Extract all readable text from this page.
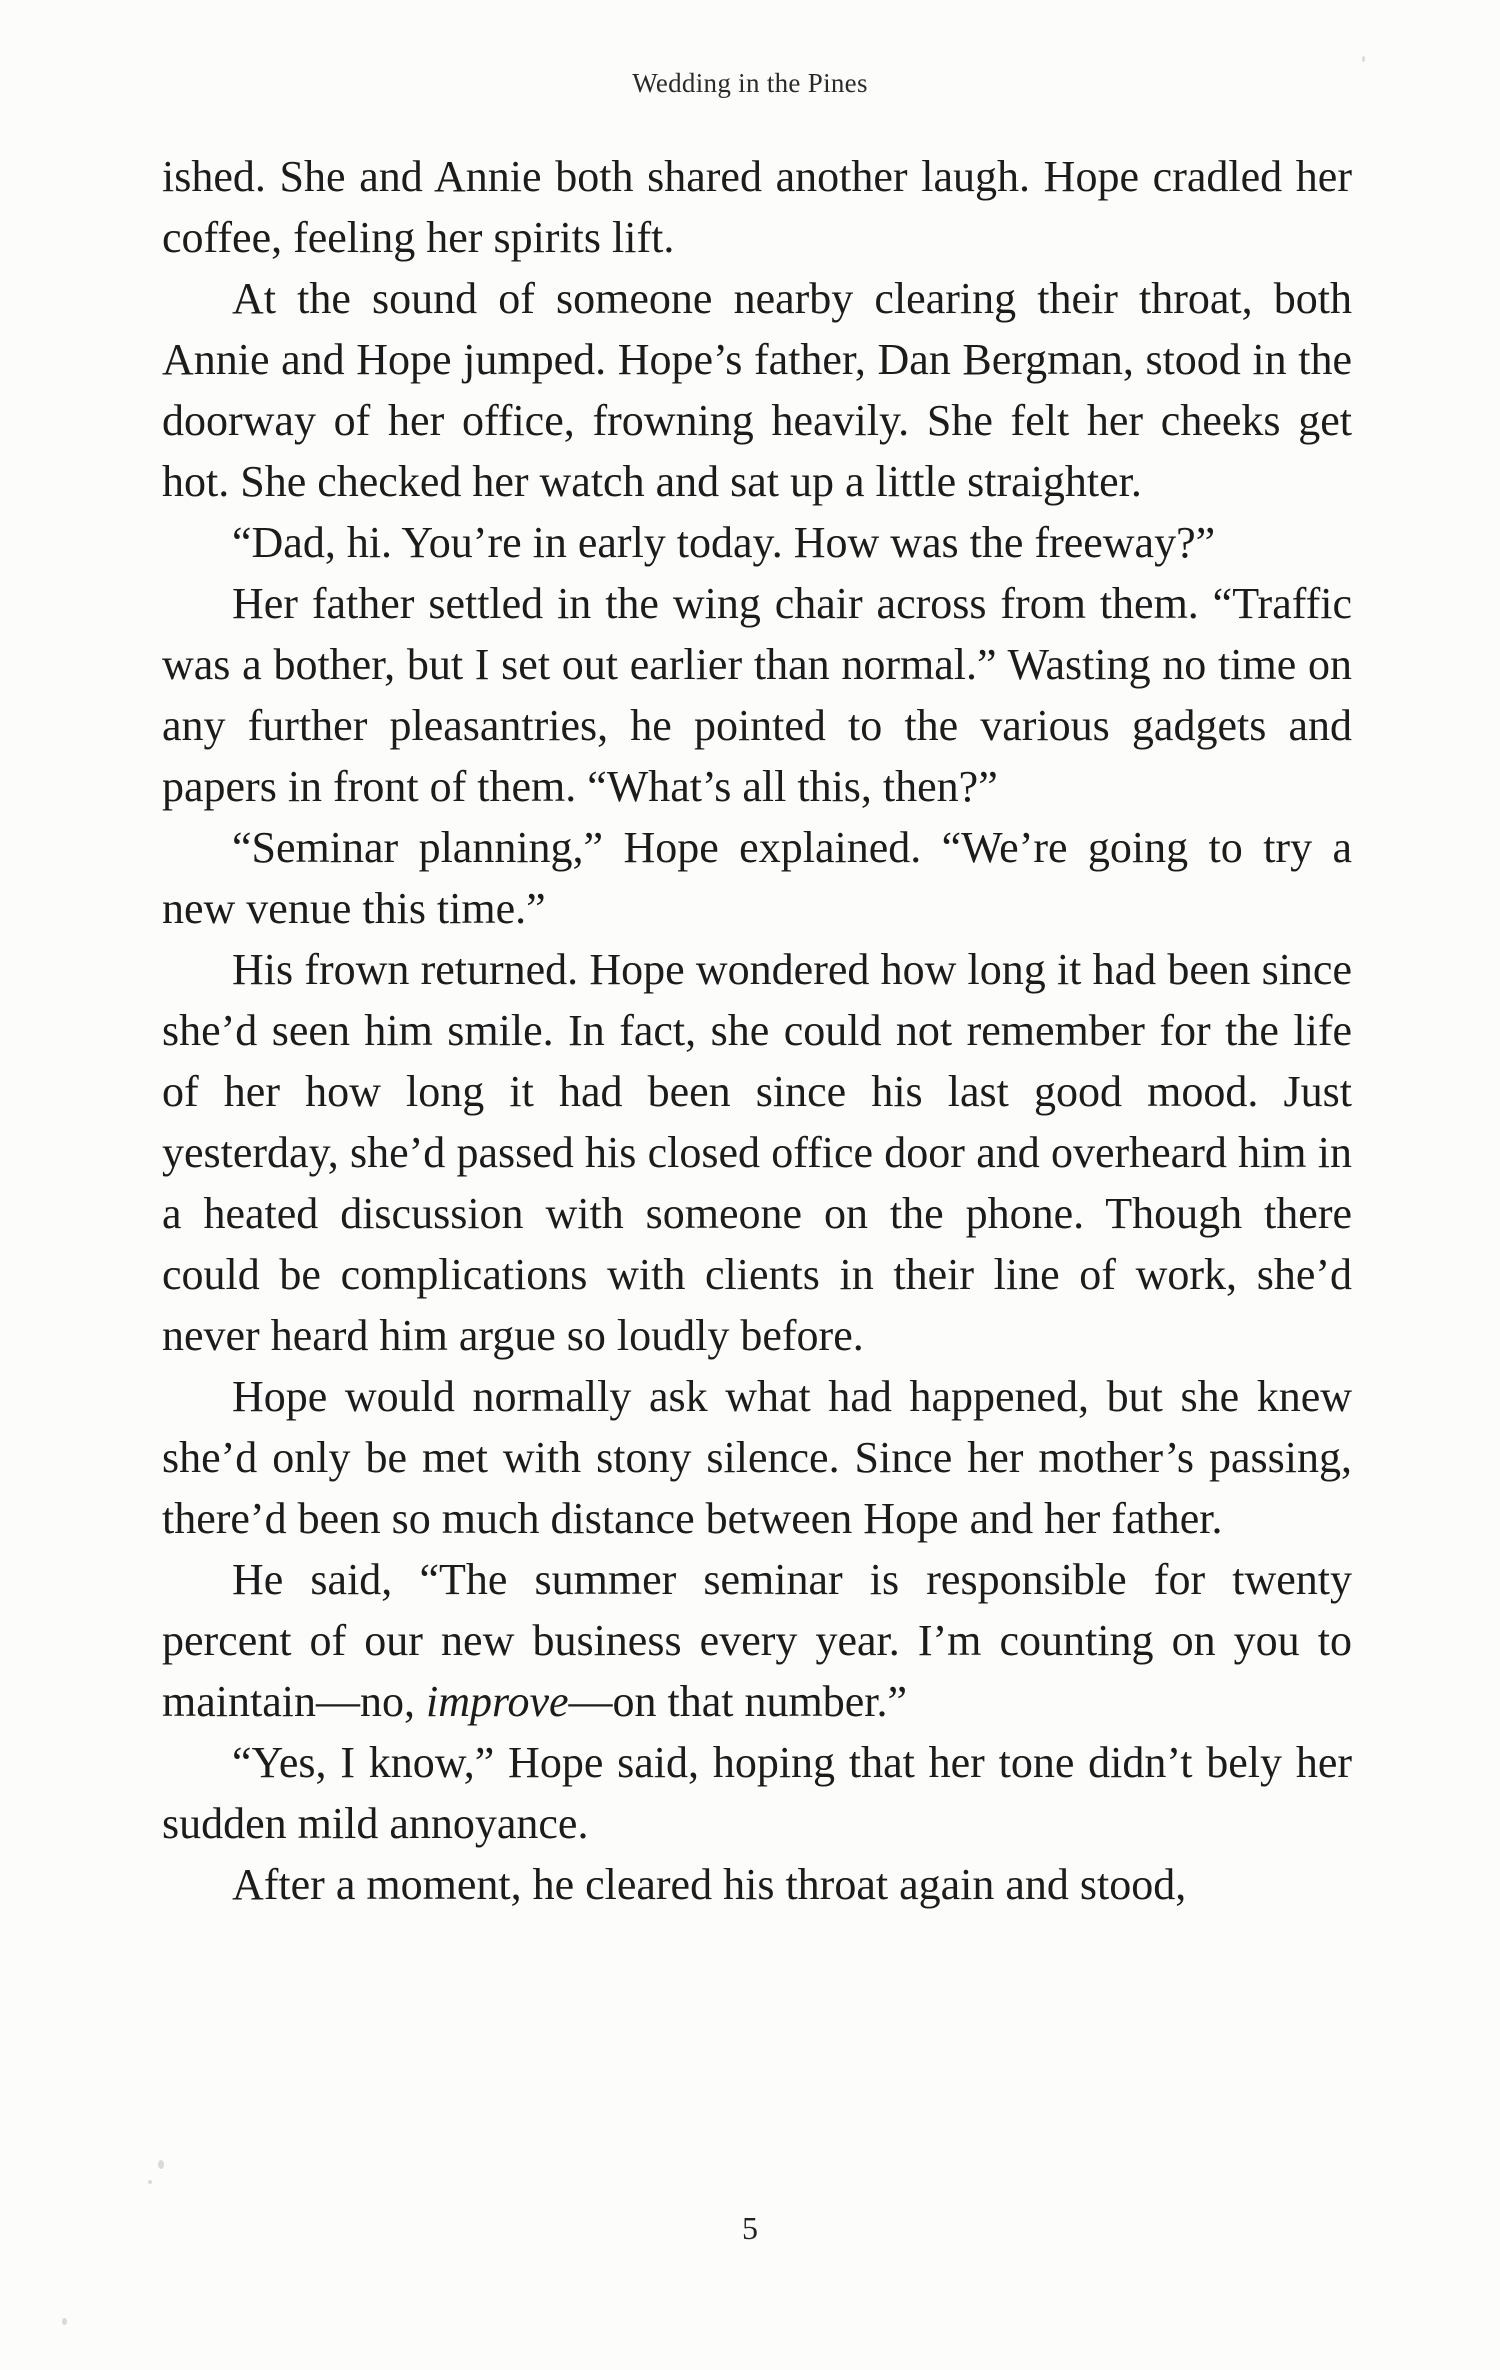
Wedding in the Pines

ished. She and Annie both shared another laugh. Hope cradled her coffee, feeling her spirits lift.

At the sound of someone nearby clearing their throat, both Annie and Hope jumped. Hope’s father, Dan Bergman, stood in the doorway of her office, frowning heavily. She felt her cheeks get hot. She checked her watch and sat up a little straighter.

“Dad, hi. You’re in early today. How was the freeway?”

Her father settled in the wing chair across from them. “Traffic was a bother, but I set out earlier than normal.” Wasting no time on any further pleasantries, he pointed to the various gadgets and papers in front of them. “What’s all this, then?”

“Seminar planning,” Hope explained. “We’re going to try a new venue this time.”

His frown returned. Hope wondered how long it had been since she’d seen him smile. In fact, she could not remember for the life of her how long it had been since his last good mood. Just yesterday, she’d passed his closed office door and overheard him in a heated discussion with someone on the phone. Though there could be complications with clients in their line of work, she’d never heard him argue so loudly before.

Hope would normally ask what had happened, but she knew she’d only be met with stony silence. Since her mother’s passing, there’d been so much distance between Hope and her father.

He said, “The summer seminar is responsible for twenty percent of our new business every year. I’m counting on you to maintain—no, improve—on that number.”

“Yes, I know,” Hope said, hoping that her tone didn’t bely her sudden mild annoyance.

After a moment, he cleared his throat again and stood,

5
